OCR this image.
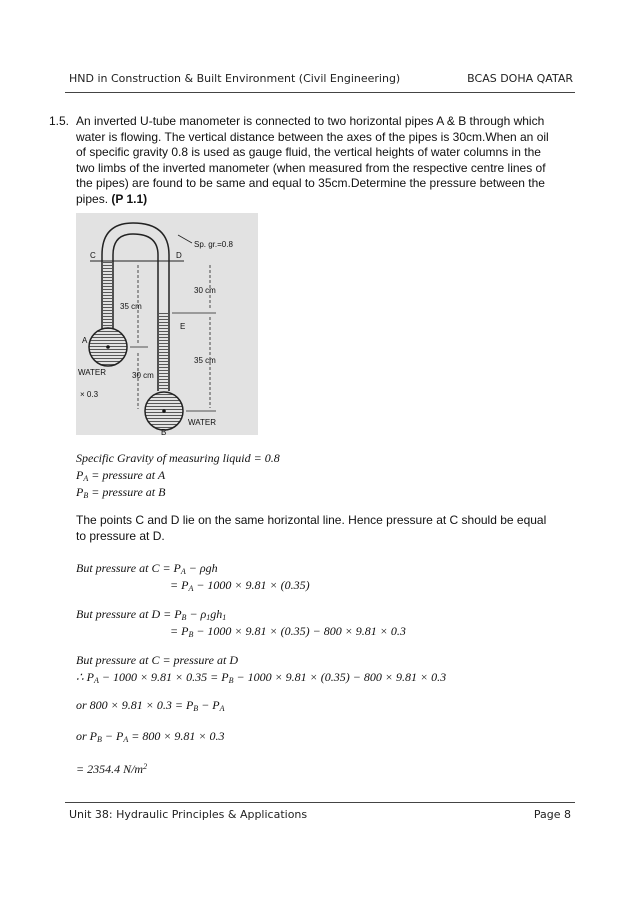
HND in Construction & Built Environment (Civil Engineering)	BCAS DOHA QATAR
1.5. An inverted U-tube manometer is connected to two horizontal pipes A & B through which water is flowing. The vertical distance between the axes of the pipes is 30cm.When an oil of specific gravity 0.8 is used as gauge fluid, the vertical heights of water columns in the two limbs of the inverted manometer (when measured from the respective centre lines of the pipes) are found to be same and equal to 35cm.Determine the pressure between the pipes. (P 1.1)
Sp. gr.=0.8
C	D
30 cm
35 cm
E
35 cm
A
WATER	30 cm
× 0.3
WATER
B
Specific Gravity of measuring liquid = 0.8
$P_A$ = pressure at A
$P_B$ = pressure at B
The points C and D lie on the same horizontal line. Hence pressure at C should be equal to pressure at D.
But pressure at $C = P_A - \rho gh$
= $P_A - 1000 \times 9.81 \times (0.35)$
But pressure at $D = P_B - \rho_1gh_1$
= $P_B - 1000 \times 9.81 \times (0.35) - 800 \times 9.81 \times 0.3$
But pressure at C = pressure at D
∴ $P_A - 1000 \times 9.81 \times 0.35 = P_B - 1000 \times 9.81 \times (0.35) - 800 \times 9.81 \times 0.3$
or $800 \times 9.81 \times 0.3 = P_B - P_A$
or $P_B - P_A = 800 \times 9.81 \times 0.3$
= 2354.4 $N/m^2$
Unit 38: Hydraulic Principles & Applications	Page 8
